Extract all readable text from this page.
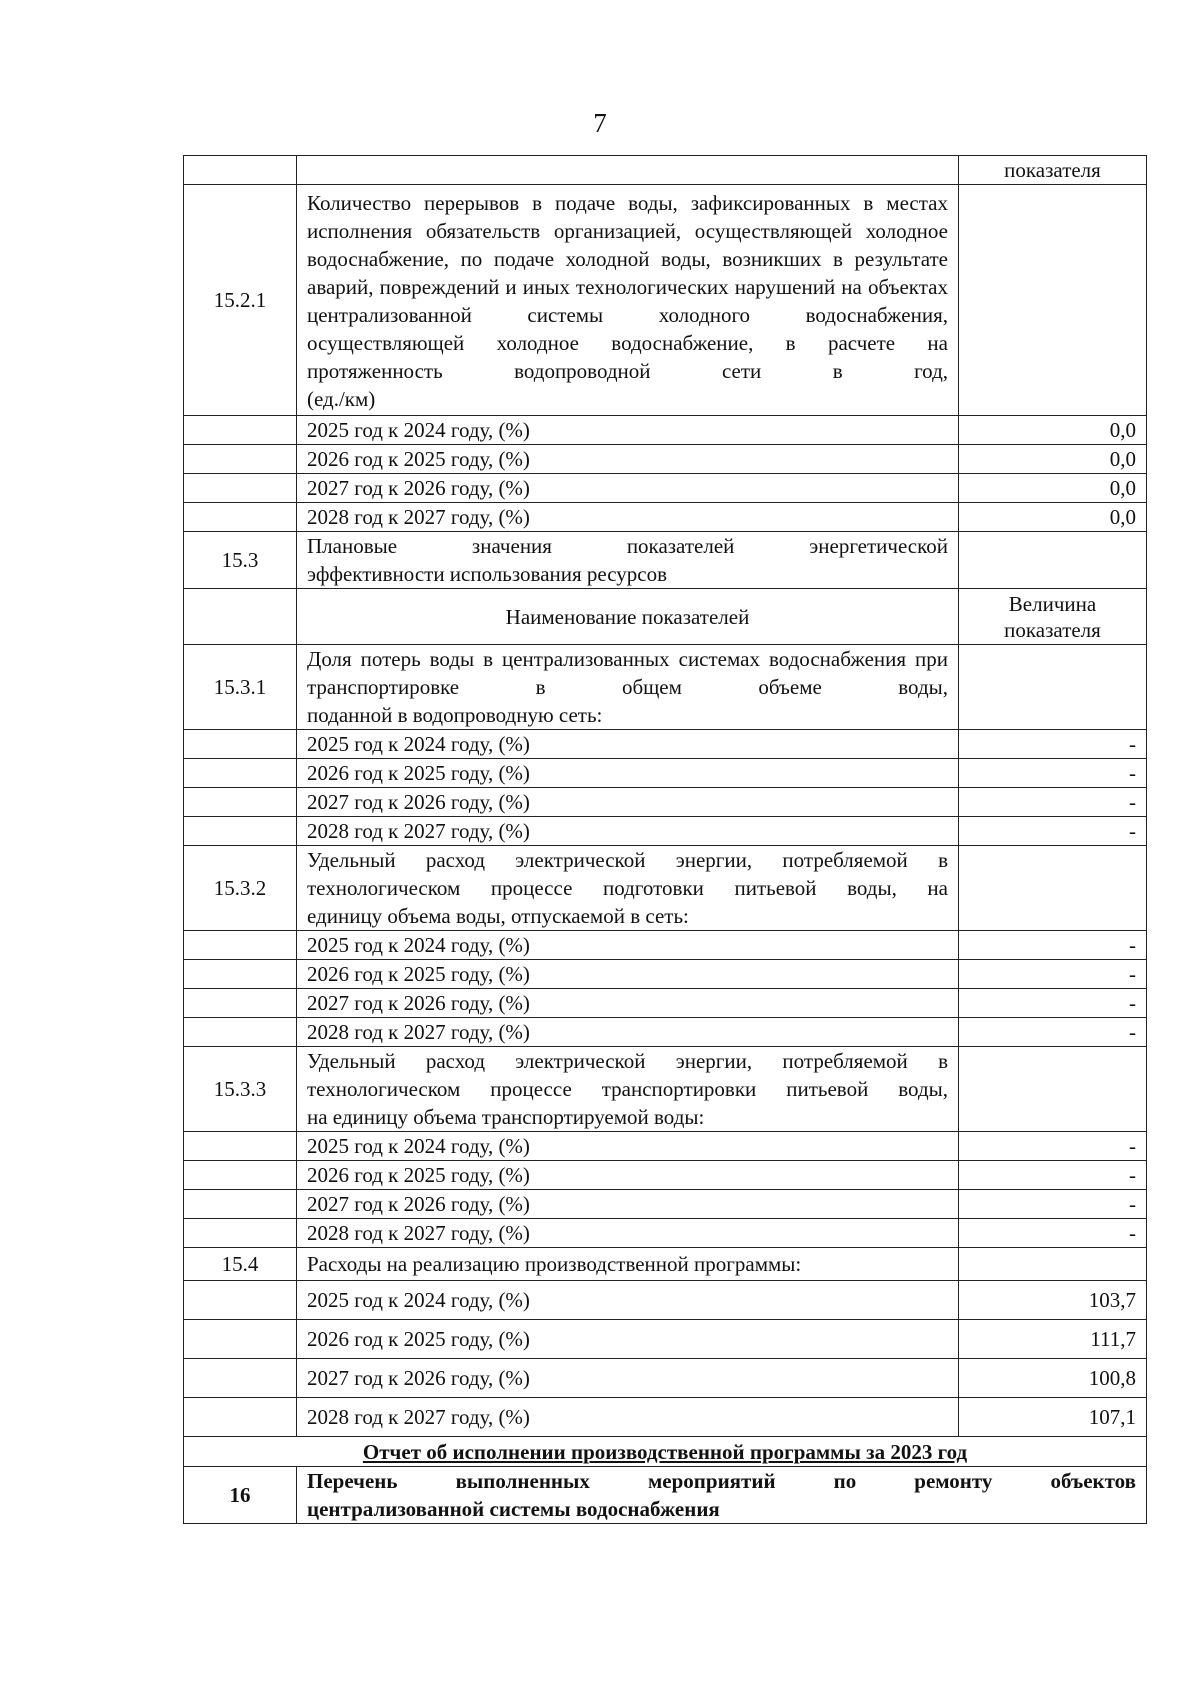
7
		показателя
15.2.1	Количество перерывов в подаче воды, зафиксированных в местах исполнения обязательств организацией, осуществляющей холодное водоснабжение, по подаче холодной воды, возникших в результате аварий, повреждений и иных технологических нарушений на объектах централизованной системы холодного водоснабжения, осуществляющей холодное водоснабжение, в расчете на протяженность водопроводной сети в год,
(ед./км)	

	2025 год к 2024 году, (%)	0,0
	2026 год к 2025 году, (%)	0,0
	2027 год к 2026 году, (%)	0,0
	2028 год к 2027 году, (%)	0,0
15.3	Плановые значения показателей энергетической
эффективности использования ресурсов	

	Наименование показателей	Величина
показателя

15.3.1	Доля потерь воды в централизованных системах водоснабжения при транспортировке в общем объеме воды,
поданной в водопроводную сеть:	

	2025 год к 2024 году, (%)	-
	2026 год к 2025 году, (%)	-
	2027 год к 2026 году, (%)	-
	2028 год к 2027 году, (%)	-
15.3.2	Удельный расход электрической энергии, потребляемой в технологическом процессе подготовки питьевой воды, на
единицу объема воды, отпускаемой в сеть:	

	2025 год к 2024 году, (%)	-
	2026 год к 2025 году, (%)	-
	2027 год к 2026 году, (%)	-
	2028 год к 2027 году, (%)	-
15.3.3	Удельный расход электрической энергии, потребляемой в технологическом процессе транспортировки питьевой воды,
на единицу объема транспортируемой воды:	

	2025 год к 2024 году, (%)	-
	2026 год к 2025 году, (%)	-
	2027 год к 2026 году, (%)	-
	2028 год к 2027 году, (%)	-
15.4	Расходы на реализацию производственной программы:	
	2025 год к 2024 году, (%)	103,7
	2026 год к 2025 году, (%)	111,7
	2027 год к 2026 году, (%)	100,8
	2028 год к 2027 году, (%)	107,1
Отчет об исполнении производственной программы за 2023 год		
16	Перечень выполненных мероприятий по ремонту объектов
централизованной системы водоснабжения	
